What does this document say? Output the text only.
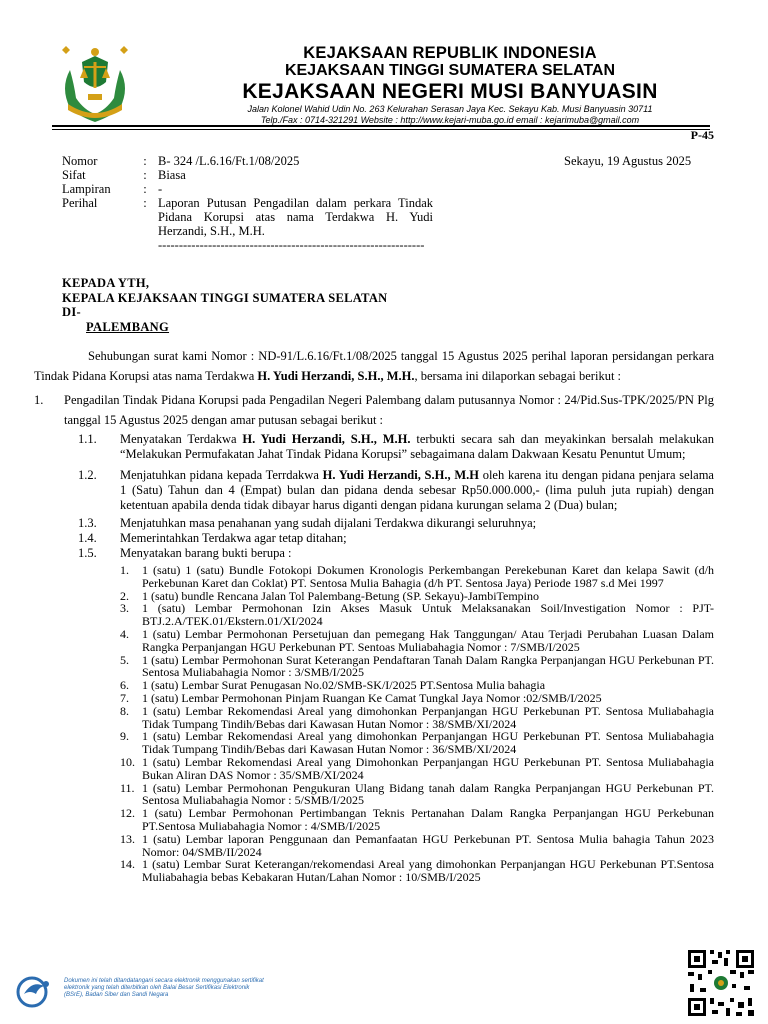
KEJAKSAAN REPUBLIK INDONESIA
KEJAKSAAN TINGGI SUMATERA SELATAN
KEJAKSAAN NEGERI MUSI BANYUASIN
Jalan Kolonel Wahid Udin No. 263 Kelurahan Serasan Jaya Kec. Sekayu Kab. Musi Banyuasin 30711
Telp./Fax : 0714-321291 Website : http://www.kejari-muba.go.id email : kejarimuba@gmail.com
P-45
Nomor	: B- 324 /L.6.16/Ft.1/08/2025
Sifat	: Biasa
Lampiran	: -
Perihal	: Laporan Putusan Pengadilan dalam perkara Tindak Pidana Korupsi atas nama Terdakwa H. Yudi Herzandi, S.H., M.H.
----------------------------------------------------------------
Sekayu, 19 Agustus 2025
KEPADA YTH,
KEPALA KEJAKSAAN TINGGI SUMATERA SELATAN
DI-
PALEMBANG
Sehubungan surat kami Nomor : ND-91/L.6.16/Ft.1/08/2025 tanggal 15 Agustus 2025 perihal laporan persidangan perkara Tindak Pidana Korupsi atas nama Terdakwa H. Yudi Herzandi, S.H., M.H., bersama ini dilaporkan sebagai berikut :
1.	Pengadilan Tindak Pidana Korupsi pada Pengadilan Negeri Palembang dalam putusannya Nomor : 24/Pid.Sus-TPK/2025/PN Plg tanggal 15 Agustus 2025 dengan amar putusan sebagai berikut :
1.1.	Menyatakan Terdakwa H. Yudi Herzandi, S.H., M.H. terbukti secara sah dan meyakinkan bersalah melakukan “Melakukan Permufakatan Jahat Tindak Pidana Korupsi” sebagaimana dalam Dakwaan Kesatu Penuntut Umum;
1.2.	Menjatuhkan pidana kepada Terrdakwa H. Yudi Herzandi, S.H., M.H oleh karena itu dengan pidana penjara selama 1 (Satu) Tahun dan 4 (Empat) bulan dan pidana denda sebesar Rp50.000.000,- (lima puluh juta rupiah) dengan ketentuan apabila denda tidak dibayar harus diganti dengan pidana kurungan selama 2 (Dua) bulan;
1.3.	Menjatuhkan masa penahanan yang sudah dijalani Terdakwa dikurangi seluruhnya;
1.4.	Memerintahkan Terdakwa agar tetap ditahan;
1.5.	Menyatakan barang bukti berupa :
1.	1 (satu) 1 (satu) Bundle Fotokopi Dokumen Kronologis Perkembangan Perekebunan Karet dan kelapa Sawit (d/h Perkebunan Karet dan Coklat) PT. Sentosa Mulia Bahagia (d/h PT. Sentosa Jaya) Periode 1987 s.d Mei 1997
2.	1 (satu) bundle Rencana Jalan Tol Palembang-Betung (SP. Sekayu)-JambiTempino
3.	1 (satu) Lembar Permohonan Izin Akses Masuk Untuk Melaksanakan Soil/Investigation Nomor : PJT-BTJ.2.A/TEK.01/Ekstern.01/XI/2024
4.	1 (satu) Lembar Permohonan Persetujuan dan pemegang Hak Tanggungan/ Atau Terjadi Perubahan Luasan Dalam Rangka Perpanjangan HGU Perkebunan PT. Sentoas Muliabahagia Nomor : 7/SMB/I/2025
5.	1 (satu) Lembar Permohonan Surat Keterangan Pendaftaran Tanah Dalam Rangka Perpanjangan HGU Perkebunan PT. Sentosa Muliabahagia Nomor : 3/SMB/I/2025
6.	1 (satu) Lembar Surat Penugasan No.02/SMB-SK/I/2025 PT.Sentosa Mulia bahagia
7.	1 (satu) Lembar Permohonan Pinjam Ruangan Ke Camat Tungkal Jaya Nomor :02/SMB/I/2025
8.	1 (satu) Lembar Rekomendasi Areal yang dimohonkan Perpanjangan HGU Perkebunan PT. Sentosa Muliabahagia Tidak Tumpang Tindih/Bebas dari Kawasan Hutan Nomor : 38/SMB/XI/2024
9.	1 (satu) Lembar Rekomendasi Areal yang dimohonkan Perpanjangan HGU Perkebunan PT. Sentosa Muliabahagia Tidak Tumpang Tindih/Bebas dari Kawasan Hutan Nomor : 36/SMB/XI/2024
10. 1 (satu) Lembar Rekomendasi Areal yang Dimohonkan Perpanjangan HGU Perkebunan PT. Sentosa Muliabahagia Bukan Aliran DAS Nomor : 35/SMB/XI/2024
11. 1 (satu) Lembar Permohonan Pengukuran Ulang Bidang tanah dalam Rangka Perpanjangan HGU Perkebunan PT. Sentosa Muliabahagia Nomor : 5/SMB/I/2025
12. 1 (satu) Lembar Permohonan Pertimbangan Teknis Pertanahan Dalam Rangka Perpanjangan HGU Perkebunan PT.Sentosa Muliabahagia Nomor : 4/SMB/I/2025
13. 1 (satu) Lembar laporan Penggunaan dan Pemanfaatan HGU Perkebunan PT. Sentosa Mulia bahagia Tahun 2023 Nomor: 04/SMB/II/2024
14. 1 (satu) Lembar Surat Keterangan/rekomendasi Areal yang dimohonkan Perpanjangan HGU Perkebunan PT.Sentosa Muliabahagia bebas Kebakaran Hutan/Lahan Nomor : 10/SMB/I/2025
Dokumen ini telah ditandatangani secara elektronik menggunakan sertifikat elektronik yang telah diterbitkan oleh Balai Besar Sertifikasi Elektronik (BSrE), Badan Siber dan Sandi Negara
